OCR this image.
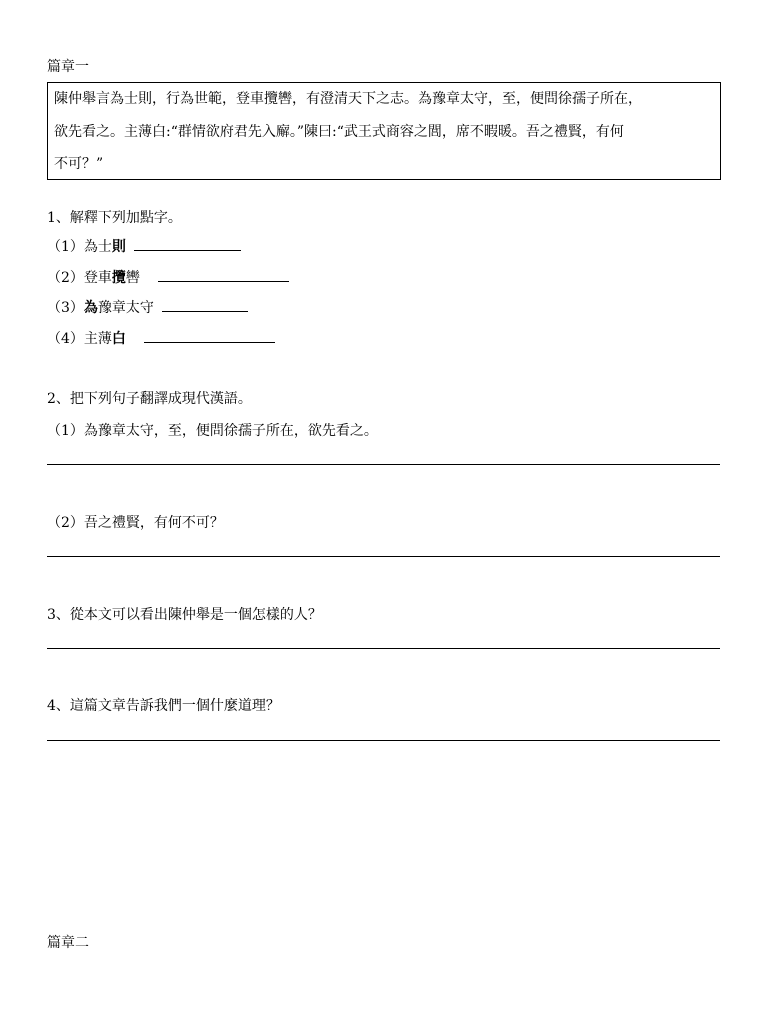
篇章一
陳仲舉言為士則，行為世範，登車攬轡，有澄清天下之志。為豫章太守，至，便問徐孺子所在，
欲先看之。主薄白:“群情欲府君先入廨。”陳曰:“武王式商容之閭，席不暇暖。吾之禮賢，有何
不可？”
1、解釋下列加點字。
（1）為士則
（2）登車攬轡
（3）為豫章太守
（4）主薄白
2、把下列句子翻譯成現代漢語。
（1）為豫章太守，至，便問徐孺子所在，欲先看之。
（2）吾之禮賢，有何不可？
3、從本文可以看出陳仲舉是一個怎樣的人？
4、這篇文章告訴我們一個什麼道理？
篇章二
